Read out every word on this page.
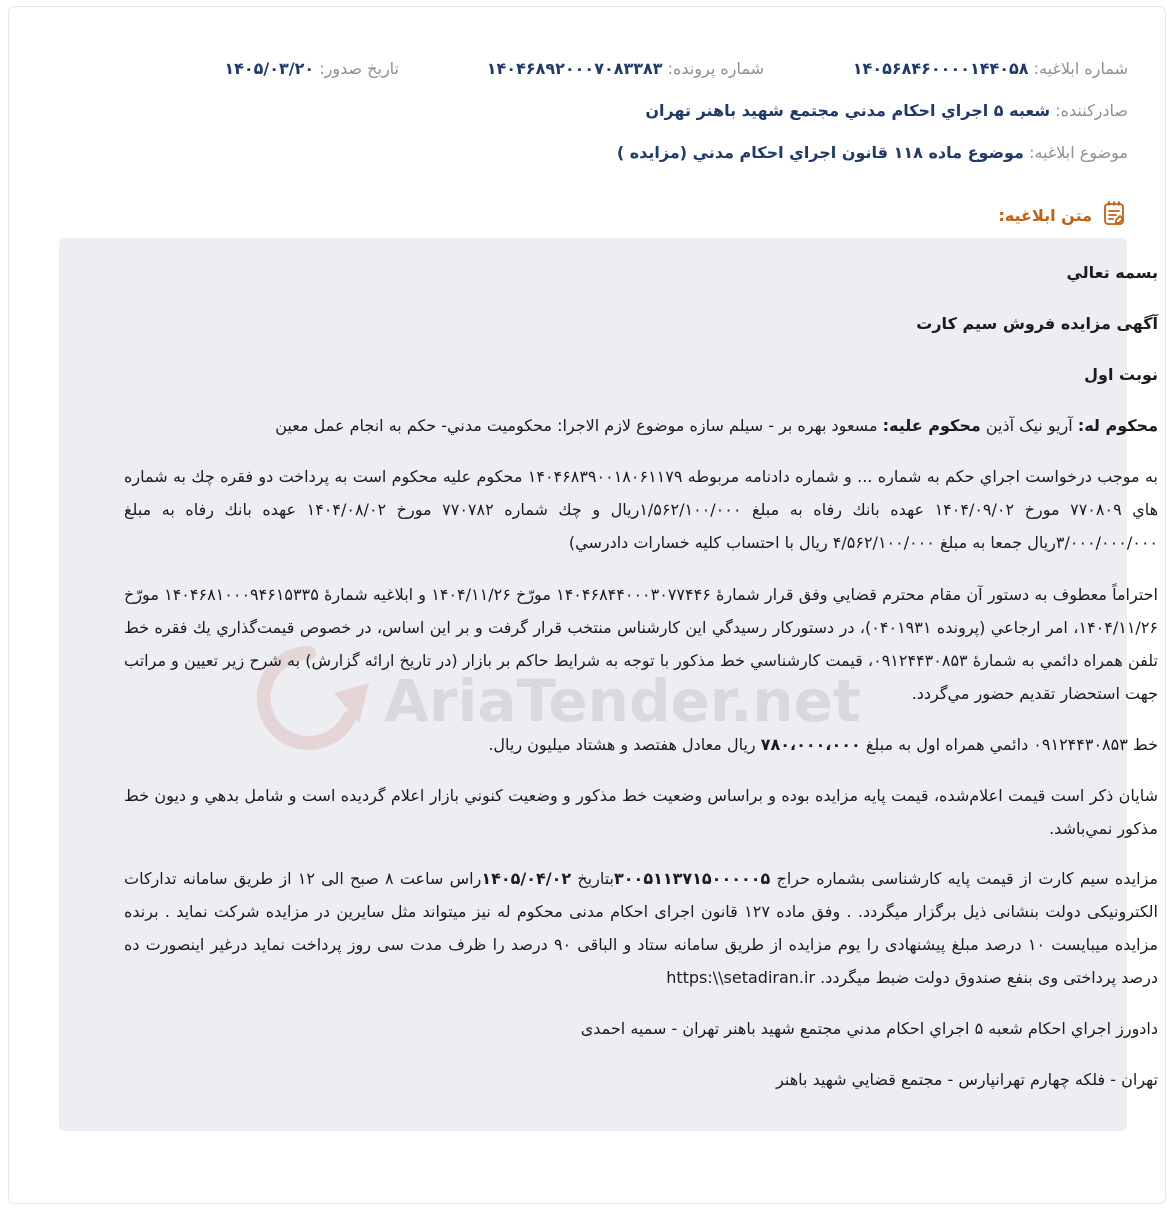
شماره ابلاغيه: ۱۴۰۵۶۸۴۶۰۰۰۰۱۴۴۰۵۸
شماره پرونده: ۱۴۰۴۶۸۹۲۰۰۰۷۰۸۳۳۸۳
تاريخ صدور: ۱۴۰۵/۰۳/۲۰
صادركننده: شعبه ۵ اجراي احكام مدني مجتمع شهيد باهنر تهران
موضوع ابلاغيه: موضوع ماده ۱۱۸ قانون اجراي احكام مدني (مزايده )
متن ابلاغيه:
AriaTender.net
بسمه تعالي
آگهی مزایده فروش سیم کارت
نوبت اول
محكوم له: آريو نيک آذين محكوم عليه: مسعود بهره بر - سيلم سازه موضوع لازم الاجرا: محكوميت مدني- حكم به انجام عمل معين
به موجب درخواست اجراي حكم به شماره ... و شماره دادنامه مربوطه ۱۴۰۴۶۸۳۹۰۰۱۸۰۶۱۱۷۹ محکوم علیه محکوم است به پرداخت دو فقره چك به شماره هاي ۷۷۰۸۰۹ مورخ ۱۴۰۴/۰۹/۰۲ عهده بانك رفاه به مبلغ ۱/۵۶۲/۱۰۰/۰۰۰ريال و چك شماره ۷۷۰۷۸۲ مورخ ۱۴۰۴/۰۸/۰۲ عهده بانك رفاه به مبلغ ۳/۰۰۰/۰۰۰/۰۰۰ريال جمعا به مبلغ ۴/۵۶۲/۱۰۰/۰۰۰ ريال با احتساب كليه خسارات دادرسي)
احتراماً معطوف به دستور آن مقام محترم قضايي وفق قرار شمارۀ ۱۴۰۴۶۸۴۴۰۰۰۳۰۷۷۴۴۶ مورّخ ۱۴۰۴/۱۱/۲۶ و ابلاغيه شمارۀ ۱۴۰۴۶۸۱۰۰۰۹۴۶۱۵۳۳۵ مورّخ ۱۴۰۴/۱۱/۲۶، امر ارجاعي (پرونده ۰۴۰۱۹۳۱)، در دستوركار رسيدگي اين كارشناس منتخب قرار گرفت و بر اين اساس، در خصوص قيمت‌گذاري يك فقره خط تلفن همراه دائمي به شمارۀ ۰۹۱۲۴۴۳۰۸۵۳، قيمت كارشناسي خط مذكور با توجه به شرايط حاكم بر بازار (در تاريخ ارائه گزارش) به شرح زير تعيين و مراتب جهت استحضار تقديم حضور مي‌گردد.
خط ۰۹۱۲۴۴۳۰۸۵۳ دائمي همراه اول به مبلغ ۷۸۰،۰۰۰،۰۰۰ ريال معادل هفتصد و هشتاد ميليون ريال.
شايان ذكر است قيمت اعلام‌شده، قيمت پايه مزايده بوده و براساس وضعيت خط مذكور و وضعيت كنوني بازار اعلام گرديده است و شامل بدهي و ديون خط مذكور نمي‌باشد.
مزایده سیم کارت از قیمت پایه کارشناسی بشماره حراج ۳۰۰۵۱۱۳۷۱۵۰۰۰۰۰۵بتاریخ ۱۴۰۵/۰۴/۰۲راس ساعت ۸ صبح الی ۱۲ از طریق سامانه تدارکات الکترونیکی دولت بنشانی ذیل برگزار میگردد. . وفق ماده ۱۲۷ قانون اجرای احکام مدنی محکوم له نیز میتواند مثل سایرین در مزایده شرکت نماید . برنده مزایده میبایست ۱۰ درصد مبلغ پیشنهادی را یوم مزایده از طریق سامانه ستاد و الباقی ۹۰ درصد را ظرف مدت سی روز پرداخت نماید درغیر اینصورت ده درصد پرداختی وی بنفع صندوق دولت ضبط میگردد. https:\\setadiran.ir
دادورز اجراي احكام شعبه ۵ اجراي احكام مدني مجتمع شهيد باهنر تهران - سمیه احمدی
تهران - فلكه چهارم تهرانپارس - مجتمع قضايي شهيد باهنر
